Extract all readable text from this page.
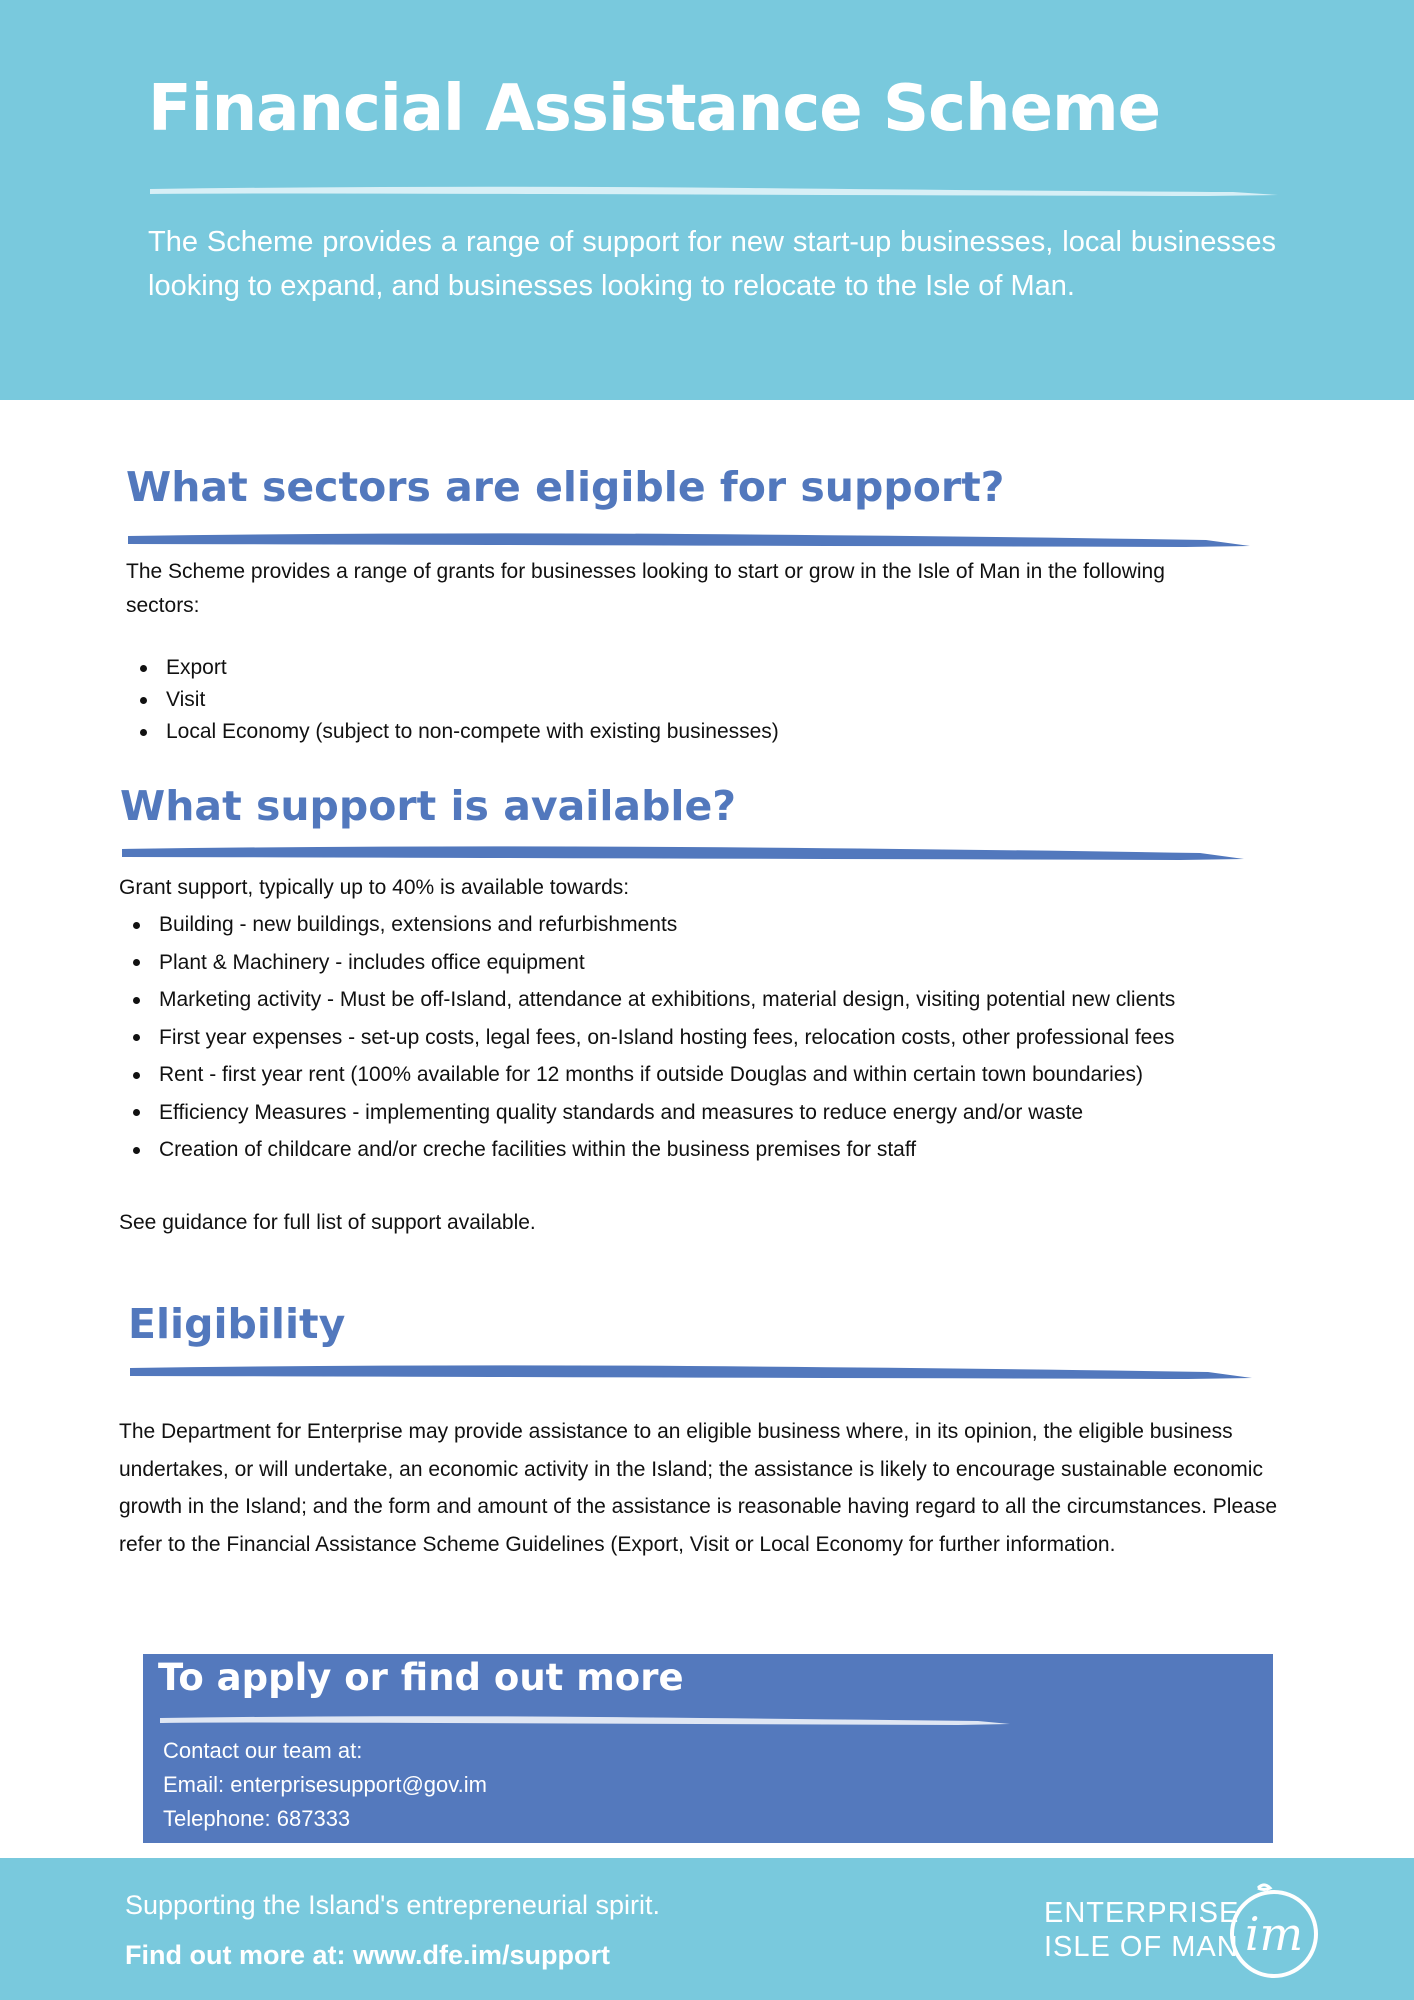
Financial Assistance Scheme

The Scheme provides a range of support for new start-up businesses, local businesses looking to expand, and businesses looking to relocate to the Isle of Man.

What sectors are eligible for support?

The Scheme provides a range of grants for businesses looking to start or grow in the Isle of Man in the following sectors:

Export
Visit
Local Economy (subject to non-compete with existing businesses)
What support is available?

Grant support, typically up to 40% is available towards:

Building - new buildings, extensions and refurbishments
Plant & Machinery - includes office equipment
Marketing activity - Must be off-Island, attendance at exhibitions, material design, visiting potential new clients
First year expenses - set-up costs, legal fees, on-Island hosting fees, relocation costs, other professional fees
Rent - first year rent (100% available for 12 months if outside Douglas and within certain town boundaries)
Efficiency Measures - implementing quality standards and measures to reduce energy and/or waste
Creation of childcare and/or creche facilities within the business premises for staff

See guidance for full list of support available.

Eligibility

The Department for Enterprise may provide assistance to an eligible business where, in its opinion, the eligible business undertakes, or will undertake, an economic activity in the Island; the assistance is likely to encourage sustainable economic growth in the Island; and the form and amount of the assistance is reasonable having regard to all the circumstances. Please refer to the Financial Assistance Scheme Guidelines (Export, Visit or Local Economy for further information.

To apply or find out more
Contact our team at:
Email: enterprisesupport@gov.im
Telephone: 687333
Supporting the Island's entrepreneurial spirit.
Find out more at: www.dfe.im/support
ENTERPRISE
ISLE OF MAN im
